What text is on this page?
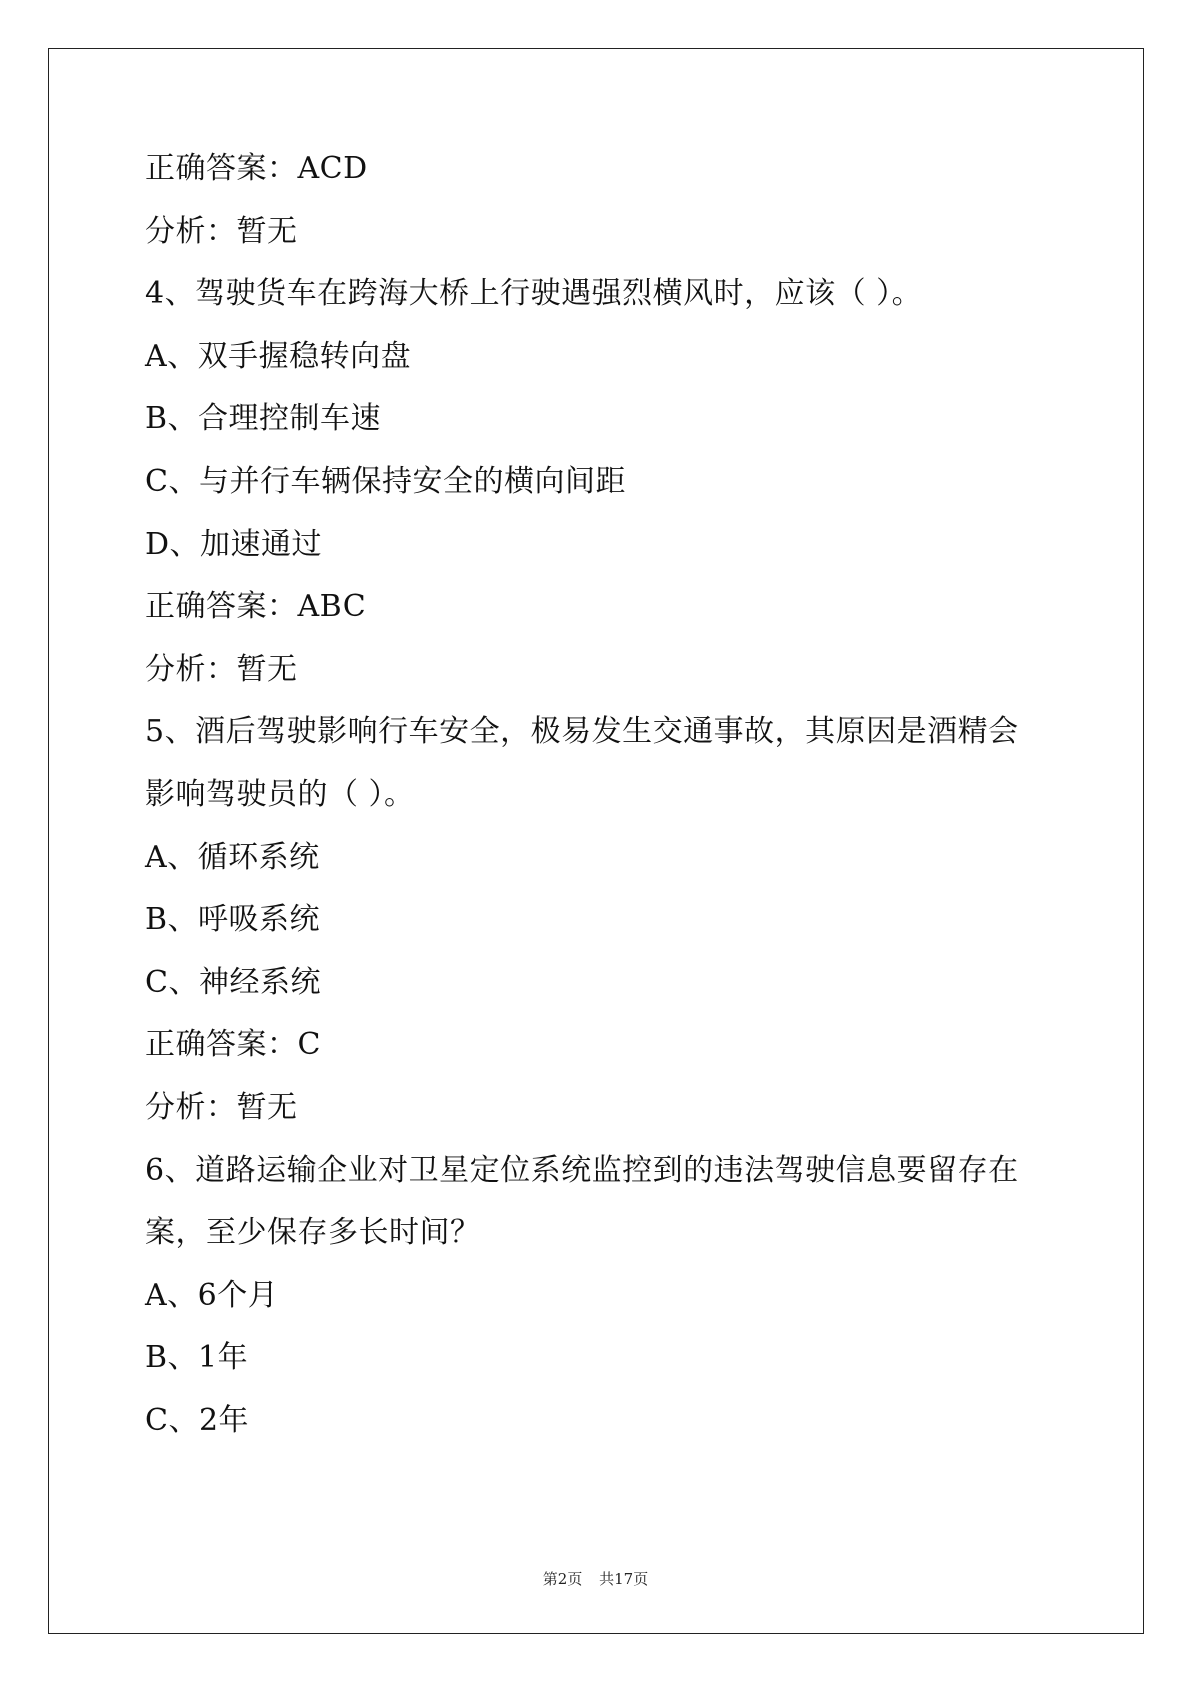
正确答案：ACD
分析：暂无
4、驾驶货车在跨海大桥上行驶遇强烈横风时，应该（ ）。
A、双手握稳转向盘
B、合理控制车速
C、与并行车辆保持安全的横向间距
D、加速通过
正确答案：ABC
分析：暂无
5、酒后驾驶影响行车安全，极易发生交通事故，其原因是酒精会
影响驾驶员的（ ）。
A、循环系统
B、呼吸系统
C、神经系统
正确答案：C
分析：暂无
6、道路运输企业对卫星定位系统监控到的违法驾驶信息要留存在
案，至少保存多长时间？
A、6个月
B、1年
C、2年
第2页 共17页
